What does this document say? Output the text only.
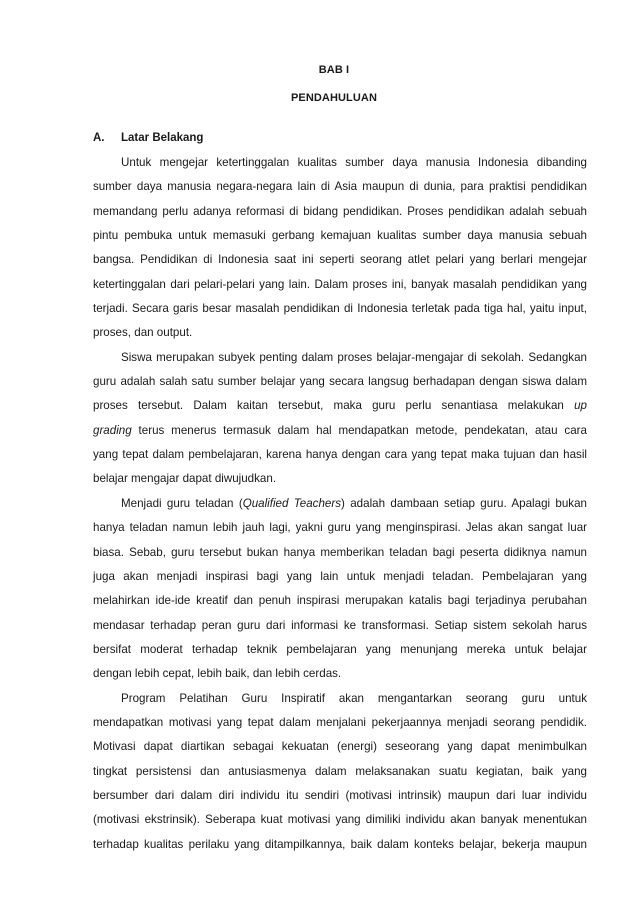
BAB I
PENDAHULUAN
A. Latar Belakang
Untuk mengejar ketertinggalan kualitas sumber daya manusia Indonesia dibanding
sumber daya manusia negara-negara lain di Asia maupun di dunia, para praktisi pendidikan
memandang perlu adanya reformasi di bidang pendidikan. Proses pendidikan adalah sebuah
pintu pembuka untuk memasuki gerbang kemajuan kualitas sumber daya manusia sebuah
bangsa. Pendidikan di Indonesia saat ini seperti seorang atlet pelari yang berlari mengejar
ketertinggalan dari pelari-pelari yang lain. Dalam proses ini, banyak masalah pendidikan yang
terjadi. Secara garis besar masalah pendidikan di Indonesia terletak pada tiga hal, yaitu input,
proses, dan output.
Siswa merupakan subyek penting dalam proses belajar-mengajar di sekolah. Sedangkan
guru adalah salah satu sumber belajar yang secara langsug berhadapan dengan siswa dalam
proses tersebut. Dalam kaitan tersebut, maka guru perlu senantiasa melakukan up
grading terus menerus termasuk dalam hal mendapatkan metode, pendekatan, atau cara
yang tepat dalam pembelajaran, karena hanya dengan cara yang tepat maka tujuan dan hasil
belajar mengajar dapat diwujudkan.
Menjadi guru teladan (Qualified Teachers) adalah dambaan setiap guru. Apalagi bukan
hanya teladan namun lebih jauh lagi, yakni guru yang menginspirasi. Jelas akan sangat luar
biasa. Sebab, guru tersebut bukan hanya memberikan teladan bagi peserta didiknya namun
juga akan menjadi inspirasi bagi yang lain untuk menjadi teladan. Pembelajaran yang
melahirkan ide-ide kreatif dan penuh inspirasi merupakan katalis bagi terjadinya perubahan
mendasar terhadap peran guru dari informasi ke transformasi. Setiap sistem sekolah harus
bersifat moderat terhadap teknik pembelajaran yang menunjang mereka untuk belajar
dengan lebih cepat, lebih baik, dan lebih cerdas.
Program Pelatihan Guru Inspiratif akan mengantarkan seorang guru untuk
mendapatkan motivasi yang tepat dalam menjalani pekerjaannya menjadi seorang pendidik.
Motivasi dapat diartikan sebagai kekuatan (energi) seseorang yang dapat menimbulkan
tingkat persistensi dan antusiasmenya dalam melaksanakan suatu kegiatan, baik yang
bersumber dari dalam diri individu itu sendiri (motivasi intrinsik) maupun dari luar individu
(motivasi ekstrinsik). Seberapa kuat motivasi yang dimiliki individu akan banyak menentukan
terhadap kualitas perilaku yang ditampilkannya, baik dalam konteks belajar, bekerja maupun
